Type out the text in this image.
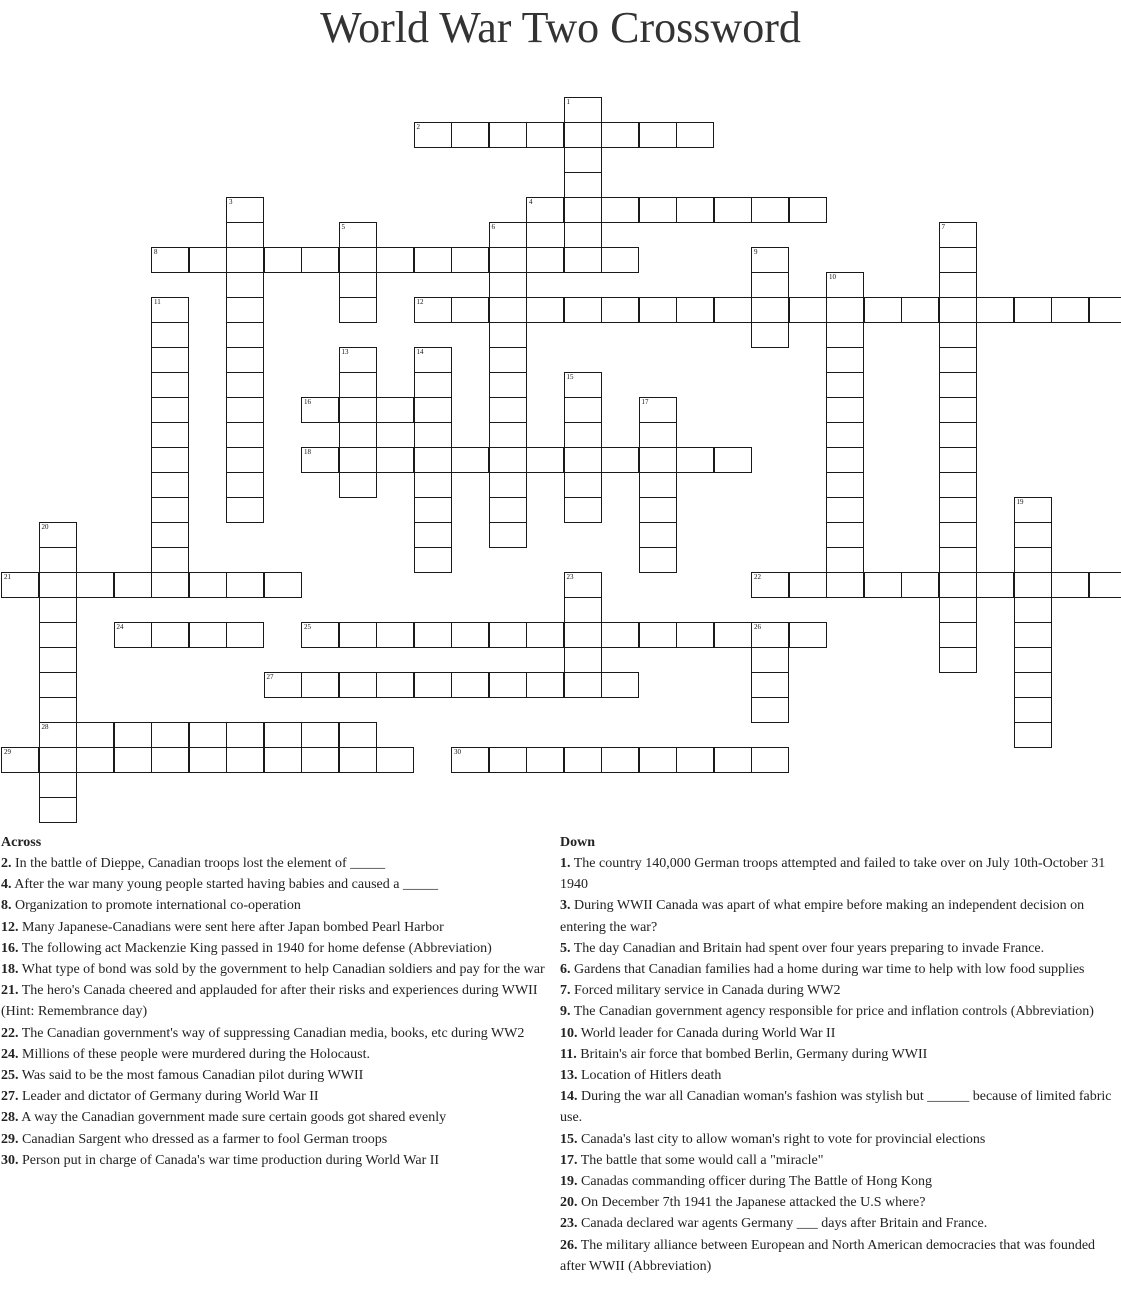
World War Two Crossword
2
4
8
12
16
18
21	22
24	25	26
27
28
29	30
1
3
5	6	7
9
10
11
13	14
15
17
19
20
23
Across
2. In the battle of Dieppe, Canadian troops lost the element of _____
4. After the war many young people started having babies and caused a _____
8. Organization to promote international co-operation
12. Many Japanese-Canadians were sent here after Japan bombed Pearl Harbor
16. The following act Mackenzie King passed in 1940 for home defense (Abbreviation)
18. What type of bond was sold by the government to help Canadian soldiers and pay for the war
21. The hero's Canada cheered and applauded for after their risks and experiences during WWII (Hint: Remembrance day)
22. The Canadian government's way of suppressing Canadian media, books, etc during WW2
24. Millions of these people were murdered during the Holocaust.
25. Was said to be the most famous Canadian pilot during WWII
27. Leader and dictator of Germany during World War II
28. A way the Canadian government made sure certain goods got shared evenly
29. Canadian Sargent who dressed as a farmer to fool German troops
30. Person put in charge of Canada's war time production during World War II
Down
1. The country 140,000 German troops attempted and failed to take over on July 10th-October 31 1940
3. During WWII Canada was apart of what empire before making an independent decision on entering the war?
5. The day Canadian and Britain had spent over four years preparing to invade France.
6. Gardens that Canadian families had a home during war time to help with low food supplies
7. Forced military service in Canada during WW2
9. The Canadian government agency responsible for price and inflation controls (Abbreviation)
10. World leader for Canada during World War II
11. Britain's air force that bombed Berlin, Germany during WWII
13. Location of Hitlers death
14. During the war all Canadian woman's fashion was stylish but ______ because of limited fabric use.
15. Canada's last city to allow woman's right to vote for provincial elections
17. The battle that some would call a "miracle"
19. Canadas commanding officer during The Battle of Hong Kong
20. On December 7th 1941 the Japanese attacked the U.S where?
23. Canada declared war agents Germany ___ days after Britain and France.
26. The military alliance between European and North American democracies that was founded after WWII (Abbreviation)
